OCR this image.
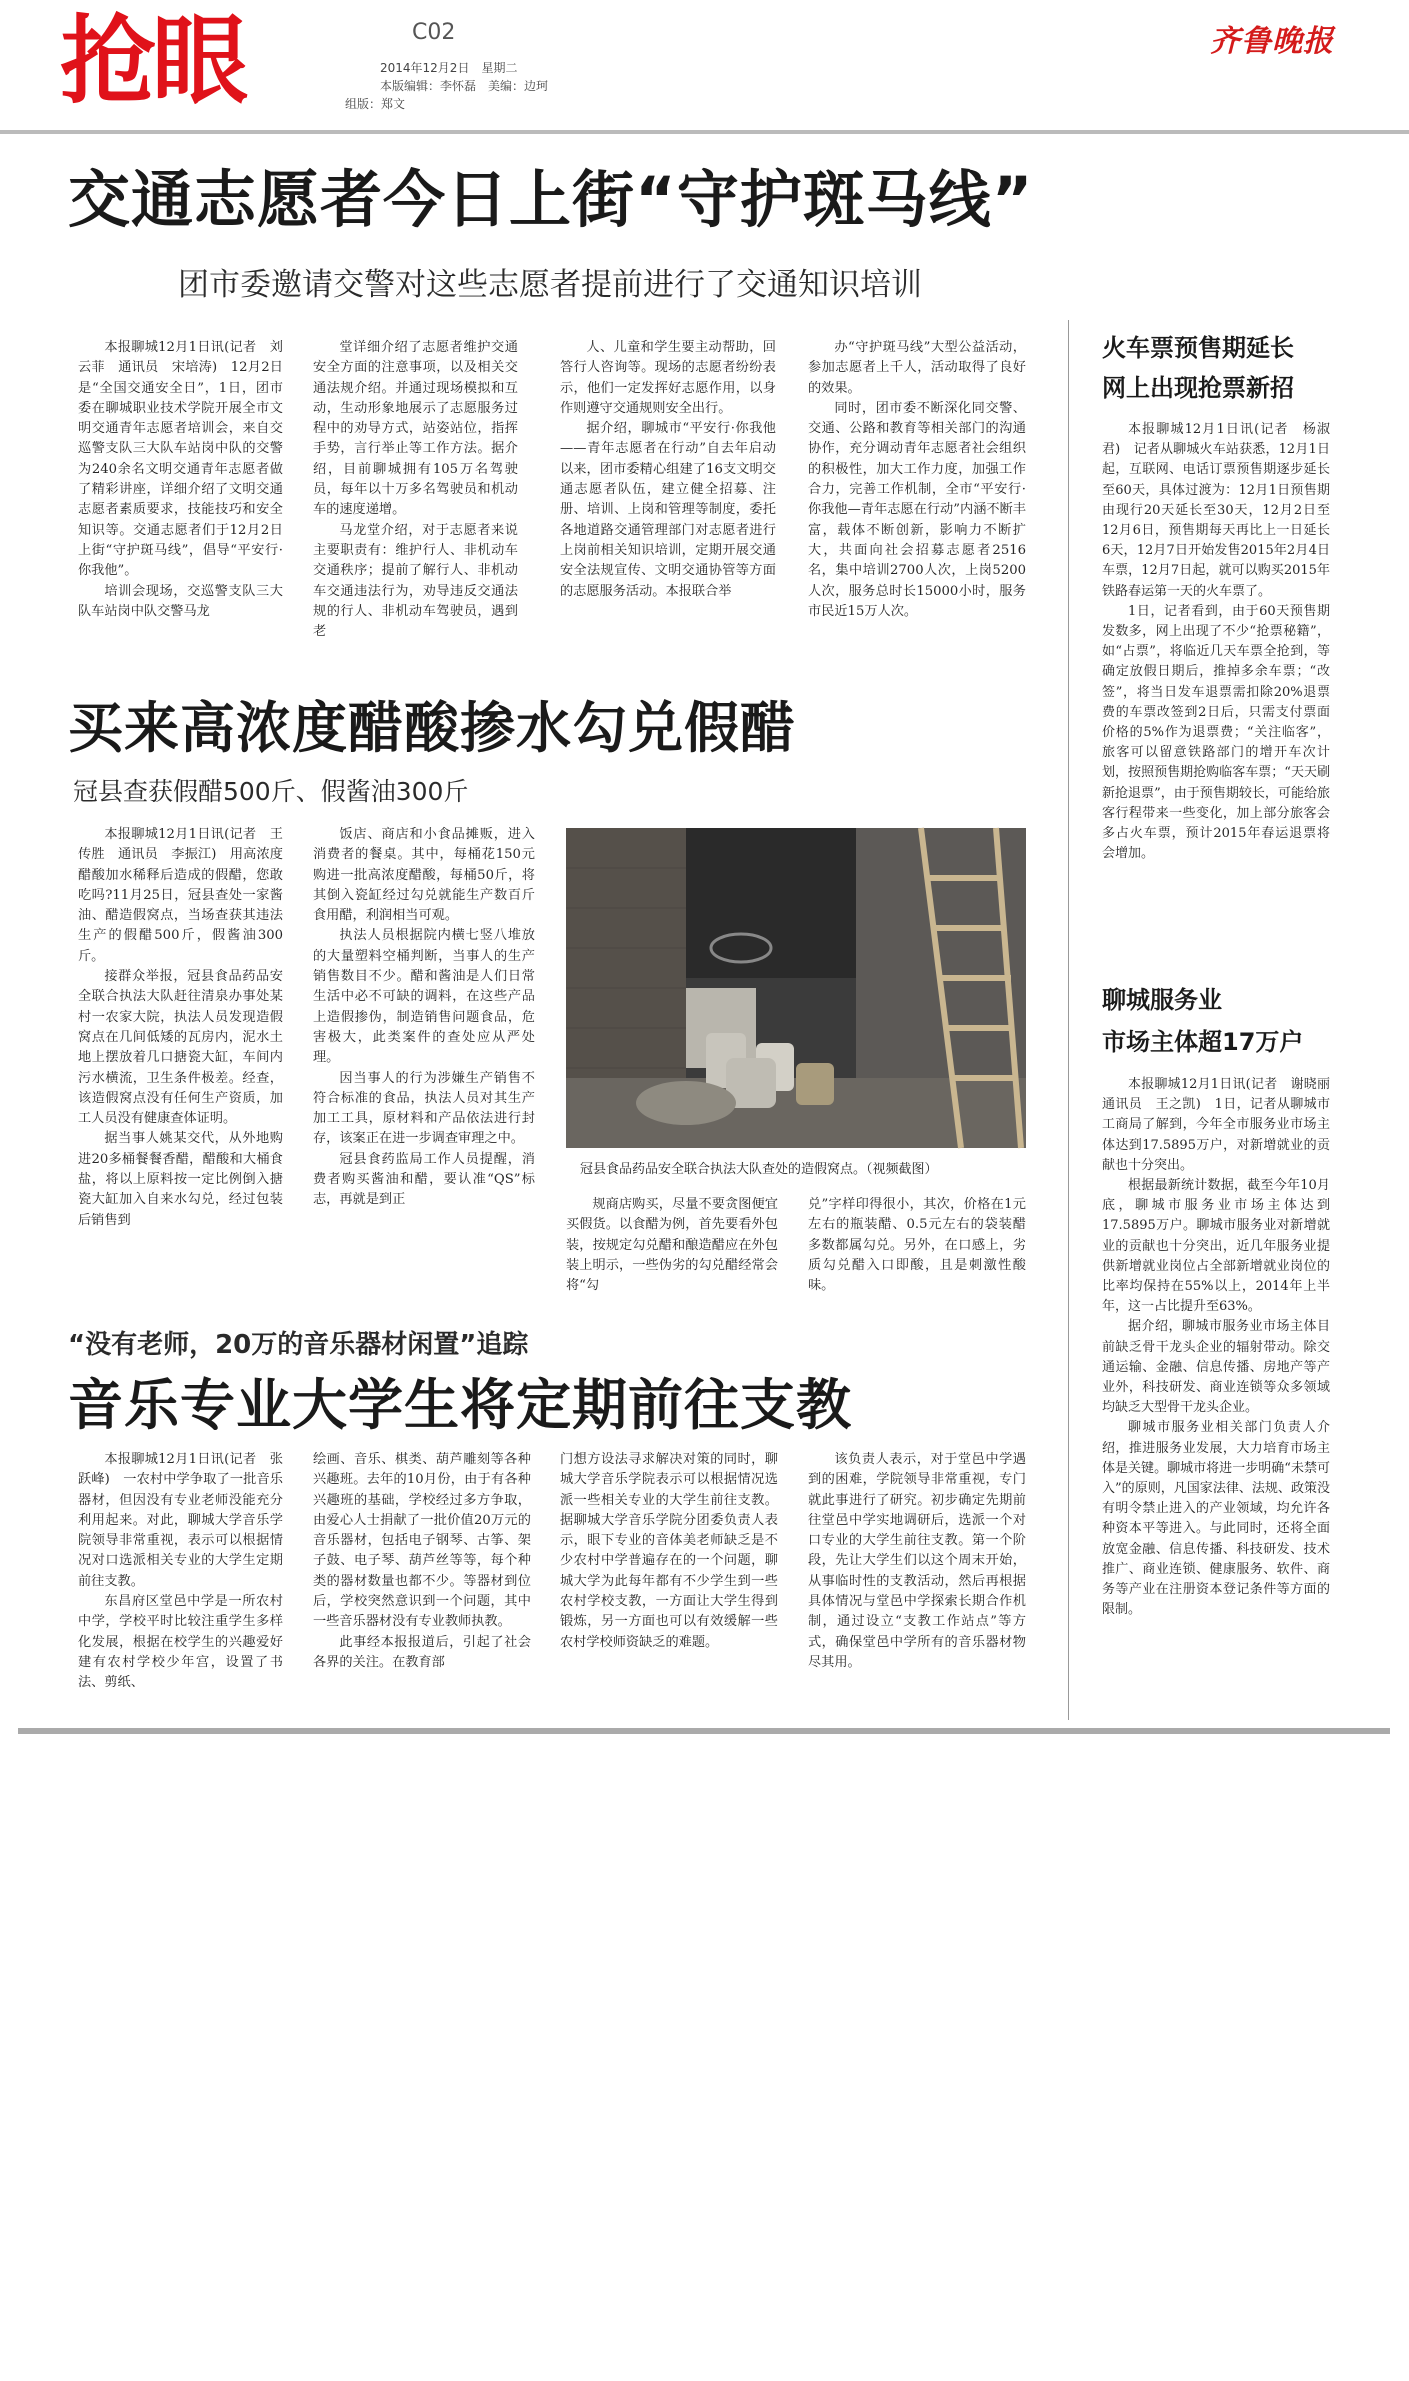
抢眼	C02
2014年12月2日　星期二
本版编辑：李怀磊　美编：边珂
组版：郑文
齐鲁晚报
交通志愿者今日上街“守护斑马线”
团市委邀请交警对这些志愿者提前进行了交通知识培训

本报聊城12月1日讯(记者　刘云菲　通讯员　宋培涛)　12月2日是“全国交通安全日”，1日，团市委在聊城职业技术学院开展全市文明交通青年志愿者培训会，来自交巡警支队三大队车站岗中队的交警为240余名文明交通青年志愿者做了精彩讲座，详细介绍了文明交通志愿者素质要求，技能技巧和安全知识等。交通志愿者们于12月2日上街“守护斑马线”，倡导“平安行·你我他”。

培训会现场，交巡警支队三大队车站岗中队交警马龙

堂详细介绍了志愿者维护交通安全方面的注意事项，以及相关交通法规介绍。并通过现场模拟和互动，生动形象地展示了志愿服务过程中的劝导方式，站姿站位，指挥手势，言行举止等工作方法。据介绍，目前聊城拥有105万名驾驶员，每年以十万多名驾驶员和机动车的速度递增。

马龙堂介绍，对于志愿者来说主要职责有：维护行人、非机动车交通秩序；提前了解行人、非机动车交通违法行为，劝导违反交通法规的行人、非机动车驾驶员，遇到老

人、儿童和学生要主动帮助，回答行人咨询等。现场的志愿者纷纷表示，他们一定发挥好志愿作用，以身作则遵守交通规则安全出行。

据介绍，聊城市“平安行·你我他——青年志愿者在行动”自去年启动以来，团市委精心组建了16支文明交通志愿者队伍，建立健全招募、注册、培训、上岗和管理等制度，委托各地道路交通管理部门对志愿者进行上岗前相关知识培训，定期开展交通安全法规宣传、文明交通协管等方面的志愿服务活动。本报联合举

办“守护斑马线”大型公益活动，参加志愿者上千人，活动取得了良好的效果。

同时，团市委不断深化同交警、交通、公路和教育等相关部门的沟通协作，充分调动青年志愿者社会组织的积极性，加大工作力度，加强工作合力，完善工作机制，全市“平安行·你我他—青年志愿在行动”内涵不断丰富，载体不断创新，影响力不断扩大，共面向社会招募志愿者2516名，集中培训2700人次，上岗5200人次，服务总时长15000小时，服务市民近15万人次。

买来高浓度醋酸掺水勾兑假醋
冠县查获假醋500斤、假酱油300斤

本报聊城12月1日讯(记者　王传胜　通讯员　李振江)　用高浓度醋酸加水稀释后造成的假醋，您敢吃吗?11月25日，冠县查处一家酱油、醋造假窝点，当场查获其违法生产的假醋500斤，假酱油300斤。

接群众举报，冠县食品药品安全联合执法大队赶往清泉办事处某村一农家大院，执法人员发现造假窝点在几间低矮的瓦房内，泥水土地上摆放着几口搪瓷大缸，车间内污水横流，卫生条件极差。经查，该造假窝点没有任何生产资质，加工人员没有健康查体证明。

据当事人姚某交代，从外地购进20多桶餐餐香醋，醋酸和大桶食盐，将以上原料按一定比例倒入搪瓷大缸加入自来水勾兑，经过包装后销售到

饭店、商店和小食品摊贩，进入消费者的餐桌。其中，每桶花150元购进一批高浓度醋酸，每桶50斤，将其倒入瓷缸经过勾兑就能生产数百斤食用醋，利润相当可观。

执法人员根据院内横七竖八堆放的大量塑料空桶判断，当事人的生产销售数目不少。醋和酱油是人们日常生活中必不可缺的调料，在这些产品上造假掺伪，制造销售问题食品，危害极大，此类案件的查处应从严处理。

因当事人的行为涉嫌生产销售不符合标准的食品，执法人员对其生产加工工具，原材料和产品依法进行封存，该案正在进一步调查审理之中。

冠县食药监局工作人员提醒，消费者购买酱油和醋，要认准“QS”标志，再就是到正

冠县食品药品安全联合执法大队查处的造假窝点。（视频截图）

规商店购买，尽量不要贪图便宜买假货。以食醋为例，首先要看外包装，按规定勾兑醋和酿造醋应在外包装上明示，一些伪劣的勾兑醋经常会将“勾

兑”字样印得很小，其次，价格在1元左右的瓶装醋、0.5元左右的袋装醋多数都属勾兑。另外，在口感上，劣质勾兑醋入口即酸，且是刺激性酸味。

“没有老师，20万的音乐器材闲置”追踪
音乐专业大学生将定期前往支教

本报聊城12月1日讯(记者　张跃峰)　一农村中学争取了一批音乐器材，但因没有专业老师没能充分利用起来。对此，聊城大学音乐学院领导非常重视，表示可以根据情况对口选派相关专业的大学生定期前往支教。

东昌府区堂邑中学是一所农村中学，学校平时比较注重学生多样化发展，根据在校学生的兴趣爱好建有农村学校少年宫，设置了书法、剪纸、

绘画、音乐、棋类、葫芦雕刻等各种兴趣班。去年的10月份，由于有各种兴趣班的基础，学校经过多方争取，由爱心人士捐献了一批价值20万元的音乐器材，包括电子钢琴、古筝、架子鼓、电子琴、葫芦丝等等，每个种类的器材数量也都不少。等器材到位后，学校突然意识到一个问题，其中一些音乐器材没有专业教师执教。

此事经本报报道后，引起了社会各界的关注。在教育部

门想方设法寻求解决对策的同时，聊城大学音乐学院表示可以根据情况选派一些相关专业的大学生前往支教。据聊城大学音乐学院分团委负责人表示，眼下专业的音体美老师缺乏是不少农村中学普遍存在的一个问题，聊城大学为此每年都有不少学生到一些农村学校支教，一方面让大学生得到锻炼，另一方面也可以有效缓解一些农村学校师资缺乏的难题。

该负责人表示，对于堂邑中学遇到的困难，学院领导非常重视，专门就此事进行了研究。初步确定先期前往堂邑中学实地调研后，选派一个对口专业的大学生前往支教。第一个阶段，先让大学生们以这个周末开始，从事临时性的支教活动，然后再根据具体情况与堂邑中学探索长期合作机制，通过设立“支教工作站点”等方式，确保堂邑中学所有的音乐器材物尽其用。

火车票预售期延长
网上出现抢票新招

本报聊城12月1日讯(记者　杨淑君)　记者从聊城火车站获悉，12月1日起，互联网、电话订票预售期逐步延长至60天，具体过渡为：12月1日预售期由现行20天延长至30天，12月2日至12月6日，预售期每天再比上一日延长6天，12月7日开始发售2015年2月4日车票，12月7日起，就可以购买2015年铁路春运第一天的火车票了。

1日，记者看到，由于60天预售期发数多，网上出现了不少“抢票秘籍”，如“占票”，将临近几天车票全抢到，等确定放假日期后，推掉多余车票；“改签”，将当日发车退票需扣除20%退票费的车票改签到2日后，只需支付票面价格的5%作为退票费；“关注临客”，旅客可以留意铁路部门的增开车次计划，按照预售期抢购临客车票；“天天刷新抢退票”，由于预售期较长，可能给旅客行程带来一些变化，加上部分旅客会多占火车票，预计2015年春运退票将会增加。

聊城服务业
市场主体超17万户

本报聊城12月1日讯(记者　谢晓丽　通讯员　王之凯)　1日，记者从聊城市工商局了解到，今年全市服务业市场主体达到17.5895万户，对新增就业的贡献也十分突出。

根据最新统计数据，截至今年10月底，聊城市服务业市场主体达到17.5895万户。聊城市服务业对新增就业的贡献也十分突出，近几年服务业提供新增就业岗位占全部新增就业岗位的比率均保持在55%以上，2014年上半年，这一占比提升至63%。

据介绍，聊城市服务业市场主体目前缺乏骨干龙头企业的辐射带动。除交通运输、金融、信息传播、房地产等产业外，科技研发、商业连锁等众多领域均缺乏大型骨干龙头企业。

聊城市服务业相关部门负责人介绍，推进服务业发展，大力培育市场主体是关键。聊城市将进一步明确“未禁可入”的原则，凡国家法律、法规、政策没有明令禁止进入的产业领域，均允许各种资本平等进入。与此同时，还将全面放宽金融、信息传播、科技研发、技术推广、商业连锁、健康服务、软件、商务等产业在注册资本登记条件等方面的限制。
